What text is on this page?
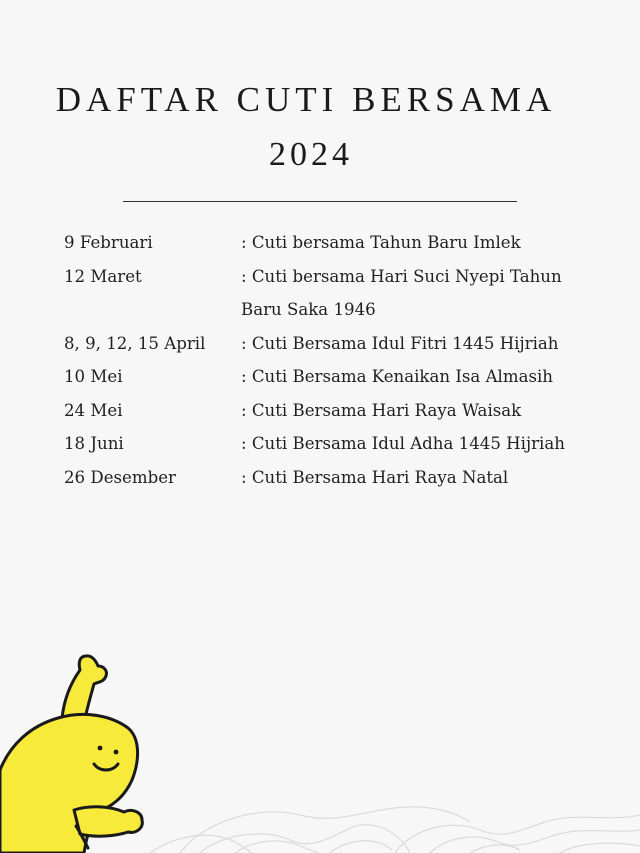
DAFTAR CUTI BERSAMA
2024
9 Februari	: Cuti bersama Tahun Baru Imlek
12 Maret	: Cuti bersama Hari Suci Nyepi Tahun Baru Saka 1946
8, 9, 12, 15 April : Cuti Bersama Idul Fitri 1445 Hijriah
10 Mei	: Cuti Bersama Kenaikan Isa Almasih
24 Mei	: Cuti Bersama Hari Raya Waisak
18 Juni	: Cuti Bersama Idul Adha 1445 Hijriah
26 Desember	: Cuti Bersama Hari Raya Natal
